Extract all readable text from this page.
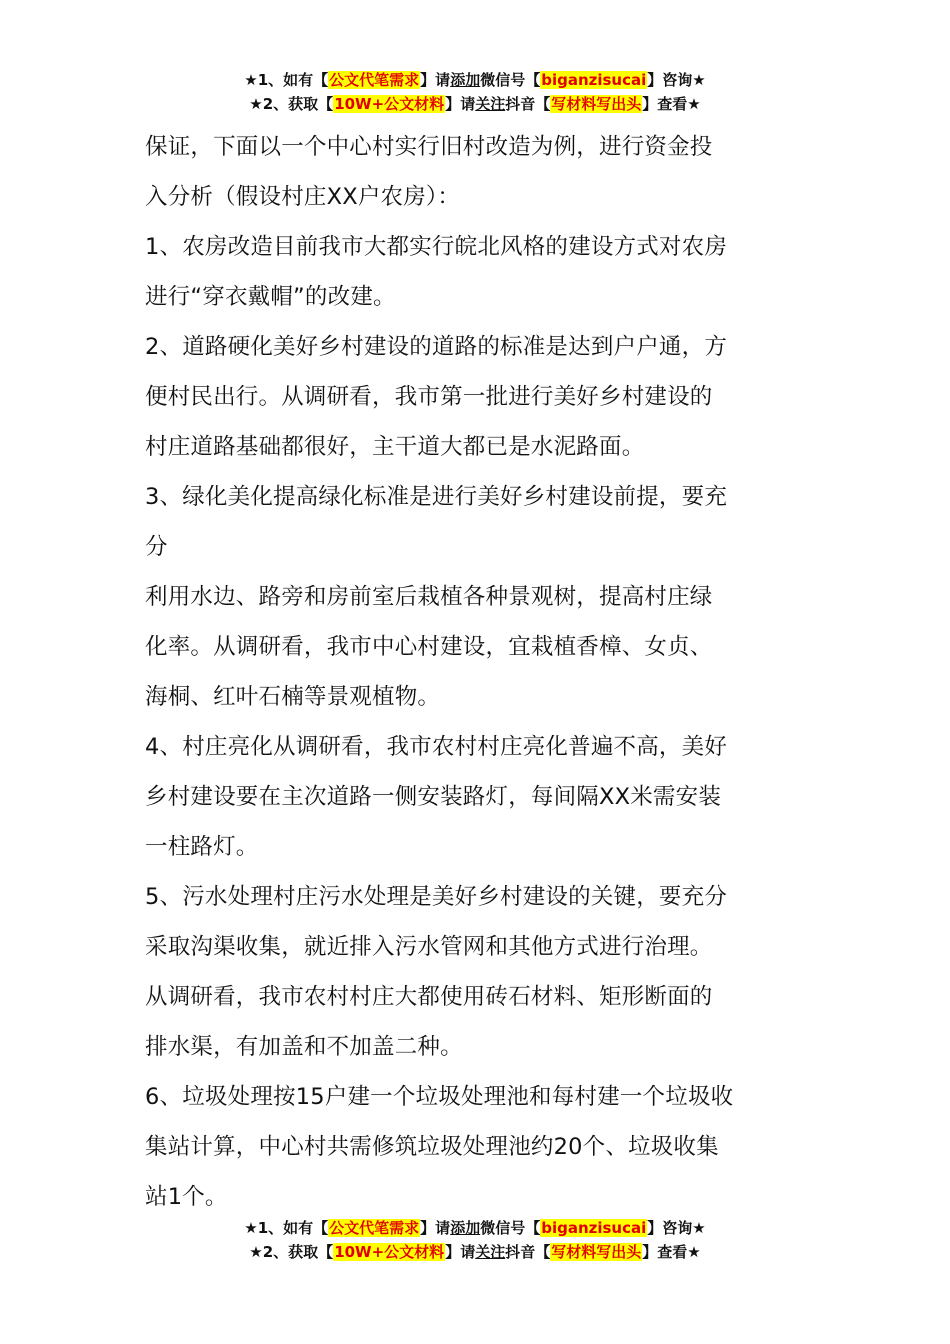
★1、如有【公文代笔需求】请添加微信号【biganzisucai】咨询★
★2、获取【10W+公文材料】请关注抖音【写材料写出头】查看★

保证，下面以一个中心村实行旧村改造为例，进行资金投

入分析（假设村庄XX户农房）：

1、农房改造目前我市大都实行皖北风格的建设方式对农房

进行“穿衣戴帽”的改建。

2、道路硬化美好乡村建设的道路的标准是达到户户通，方

便村民出行。从调研看，我市第一批进行美好乡村建设的

村庄道路基础都很好，主干道大都已是水泥路面。

3、绿化美化提高绿化标准是进行美好乡村建设前提，要充

分

利用水边、路旁和房前室后栽植各种景观树，提高村庄绿

化率。从调研看，我市中心村建设，宜栽植香樟、女贞、

海桐、红叶石楠等景观植物。

4、村庄亮化从调研看，我市农村村庄亮化普遍不高，美好

乡村建设要在主次道路一侧安装路灯，每间隔XX米需安装

一柱路灯。

5、污水处理村庄污水处理是美好乡村建设的关键，要充分

采取沟渠收集，就近排入污水管网和其他方式进行治理。

从调研看，我市农村村庄大都使用砖石材料、矩形断面的

排水渠，有加盖和不加盖二种。

6、垃圾处理按15户建一个垃圾处理池和每村建一个垃圾收

集站计算，中心村共需修筑垃圾处理池约20个、垃圾收集

站1个。

★1、如有【公文代笔需求】请添加微信号【biganzisucai】咨询★
★2、获取【10W+公文材料】请关注抖音【写材料写出头】查看★
